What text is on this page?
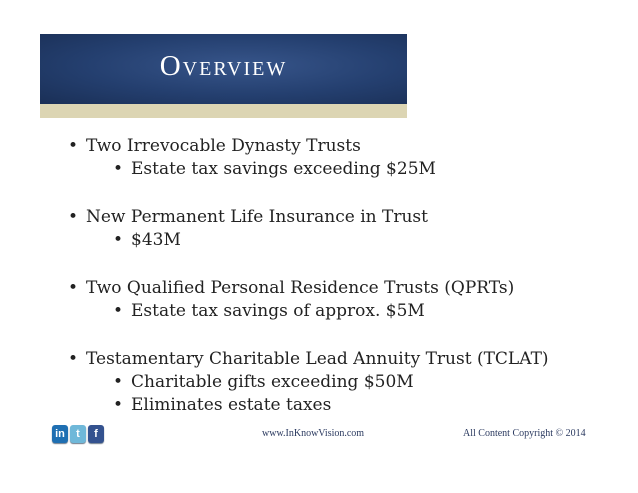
Overview
• Two Irrevocable Dynasty Trusts
• Estate tax savings exceeding $25M
• New Permanent Life Insurance in Trust
• $43M
• Two Qualified Personal Residence Trusts (QPRTs)
• Estate tax savings of approx. $5M
• Testamentary Charitable Lead Annuity Trust (TCLAT)
• Charitable gifts exceeding $50M
• Eliminates estate taxes
in	t	f	www.InKnowVision.com	All Content Copyright © 2014
